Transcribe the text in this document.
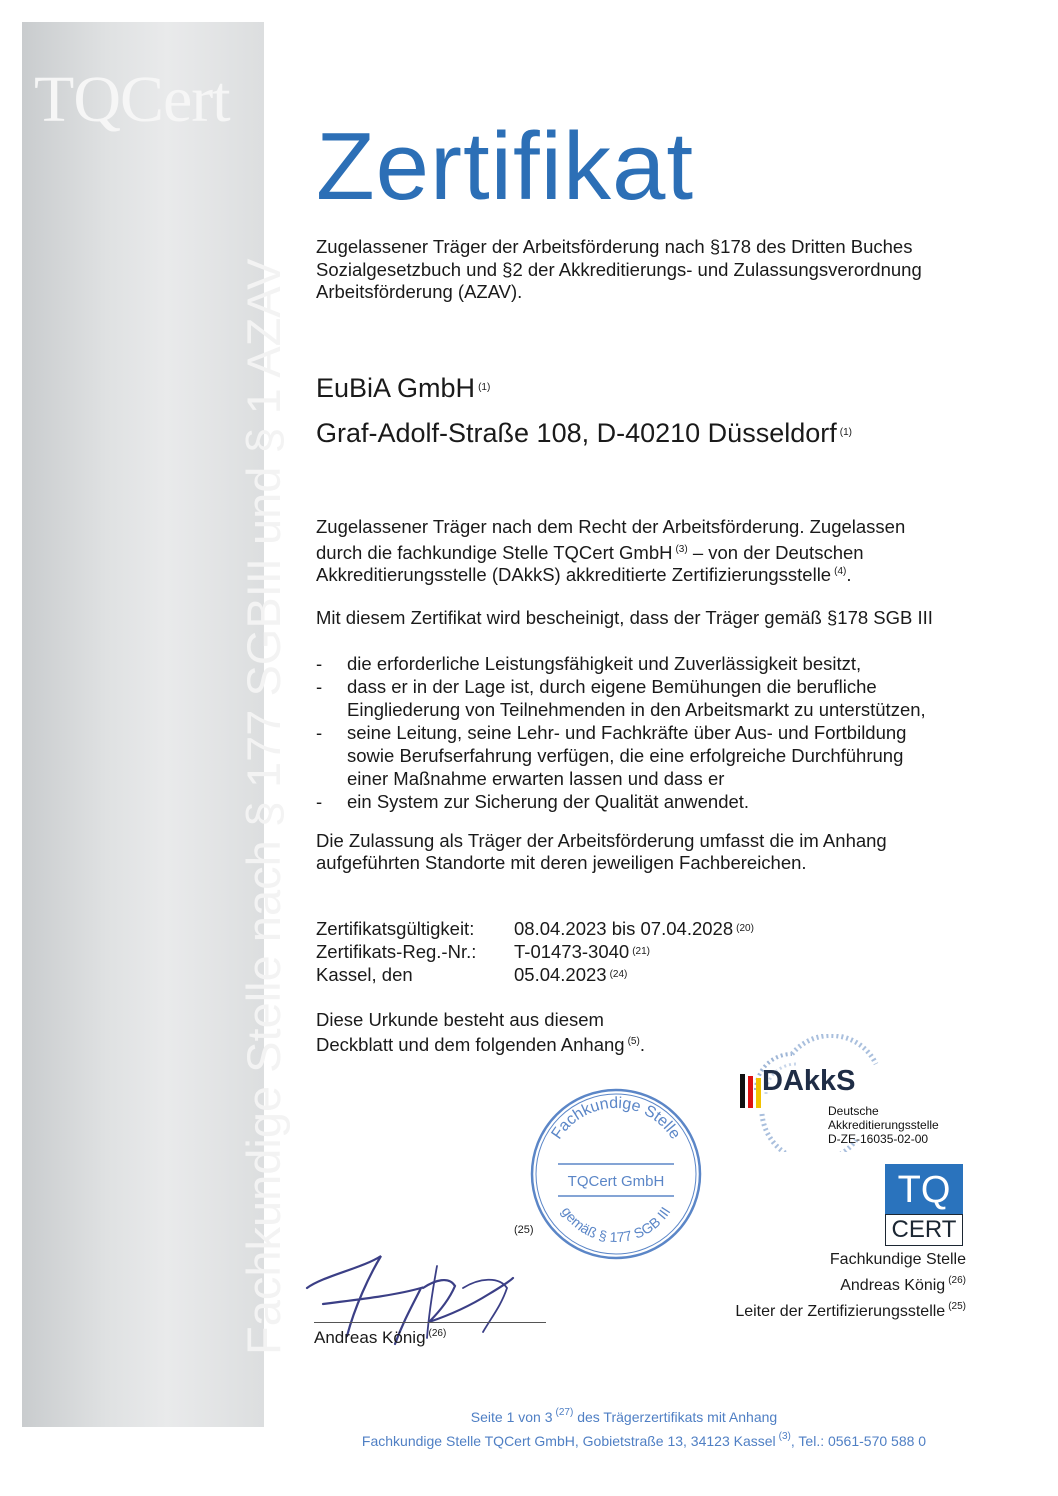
TQCert
Fachkundige Stelle nach § 177 SGBIII und § 1 AZAV
Zertifikat

Zugelassener Träger der Arbeitsförderung nach §178 des Dritten Buches

Sozialgesetzbuch und §2 der Akkreditierungs- und Zulassungsverordnung

Arbeitsförderung (AZAV).

EuBiA GmbH $^{(1)}$
Graf-Adolf-Straße 108, D-40210 Düsseldorf $^{(1)}$

Zugelassener Träger nach dem Recht der Arbeitsförderung. Zugelassen

durch die fachkundige Stelle TQCert GmbH $^{(3)}$ – von der Deutschen

Akkreditierungsstelle (DAkkS) akkreditierte Zertifizierungsstelle $^{(4)}$.

Mit diesem Zertifikat wird bescheinigt, dass der Träger gemäß §178 SGB III

- die erforderliche Leistungsfähigkeit und Zuverlässigkeit besitzt,
- dass er in der Lage ist, durch eigene Bemühungen die berufliche
Eingliederung von Teilnehmenden in den Arbeitsmarkt zu unterstützen,
- seine Leitung, seine Lehr- und Fachkräfte über Aus- und Fortbildung
sowie Berufserfahrung verfügen, die eine erfolgreiche Durchführung
einer Maßnahme erwarten lassen und dass er
- ein System zur Sicherung der Qualität anwendet.

Die Zulassung als Träger der Arbeitsförderung umfasst die im Anhang

aufgeführten Standorte mit deren jeweiligen Fachbereichen.

Zertifikatsgültigkeit:	08.04.2023 bis 07.04.2028 (20)
Zertifikats-Reg.-Nr.:	T-01473-3040 (21)
Kassel, den	05.04.2023 (24)

Diese Urkunde besteht aus diesem

Deckblatt und dem folgenden Anhang $^{(5)}$.

DAkkS
Deutsche
Akkreditierungsstelle
D-ZE-16035-02-00
TQ
CERT
Fachkundige Stelle
Andreas König $^{(26)}$
Leiter der Zertifizierungsstelle $^{(25)}$
Fachkundige Stelle
TQCert GmbH
gemäß § 177 SGB III
(25)
Andreas König $^{(26)}$
Seite 1 von 3 $^{(27)}$ des Trägerzertifikats mit Anhang
Fachkundige Stelle TQCert GmbH, Gobietstraße 13, 34123 Kassel $^{(3)}$, Tel.: 0561-570 588 0
